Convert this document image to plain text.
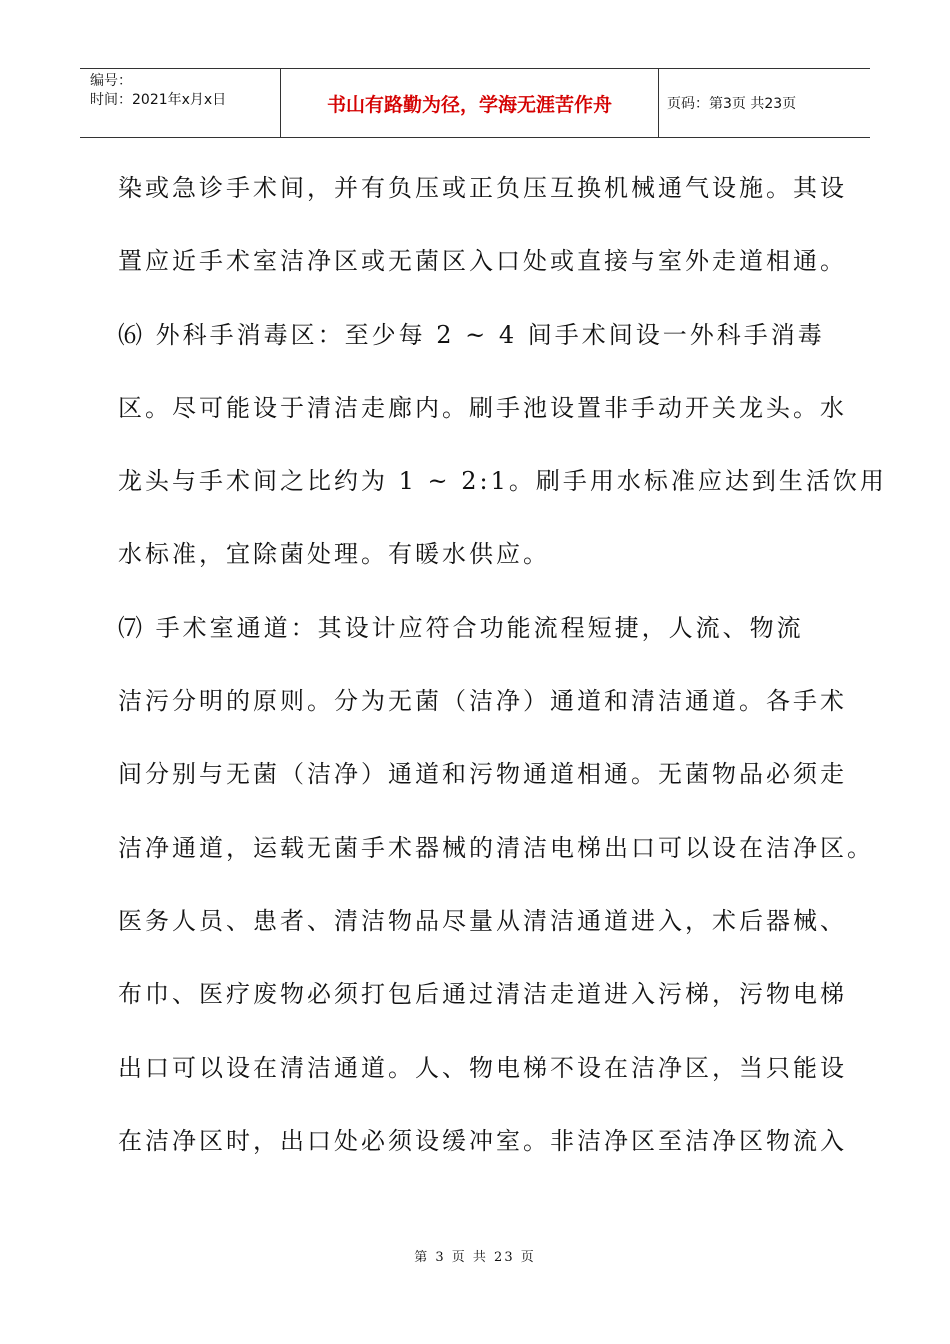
编号：
时间：2021年x月x日	书山有路勤为径，学海无涯苦作舟	页码：第3页 共23页
染或急诊手术间，并有负压或正负压互换机械通气设施。其设
置应近手术室洁净区或无菌区入口处或直接与室外走道相通。
⑹ 外科手消毒区：至少每 2 ~ 4 间手术间设一外科手消毒
区。尽可能设于清洁走廊内。刷手池设置非手动开关龙头。水
龙头与手术间之比约为 1 ~ 2:1。刷手用水标准应达到生活饮用
水标准，宜除菌处理。有暖水供应。
⑺ 手术室通道：其设计应符合功能流程短捷，人流、物流
洁污分明的原则。分为无菌（洁净）通道和清洁通道。各手术
间分别与无菌（洁净）通道和污物通道相通。无菌物品必须走
洁净通道，运载无菌手术器械的清洁电梯出口可以设在洁净区。
医务人员、患者、清洁物品尽量从清洁通道进入，术后器械、
布巾、医疗废物必须打包后通过清洁走道进入污梯，污物电梯
出口可以设在清洁通道。人、物电梯不设在洁净区，当只能设
在洁净区时，出口处必须设缓冲室。非洁净区至洁净区物流入
第 3 页 共 23 页
